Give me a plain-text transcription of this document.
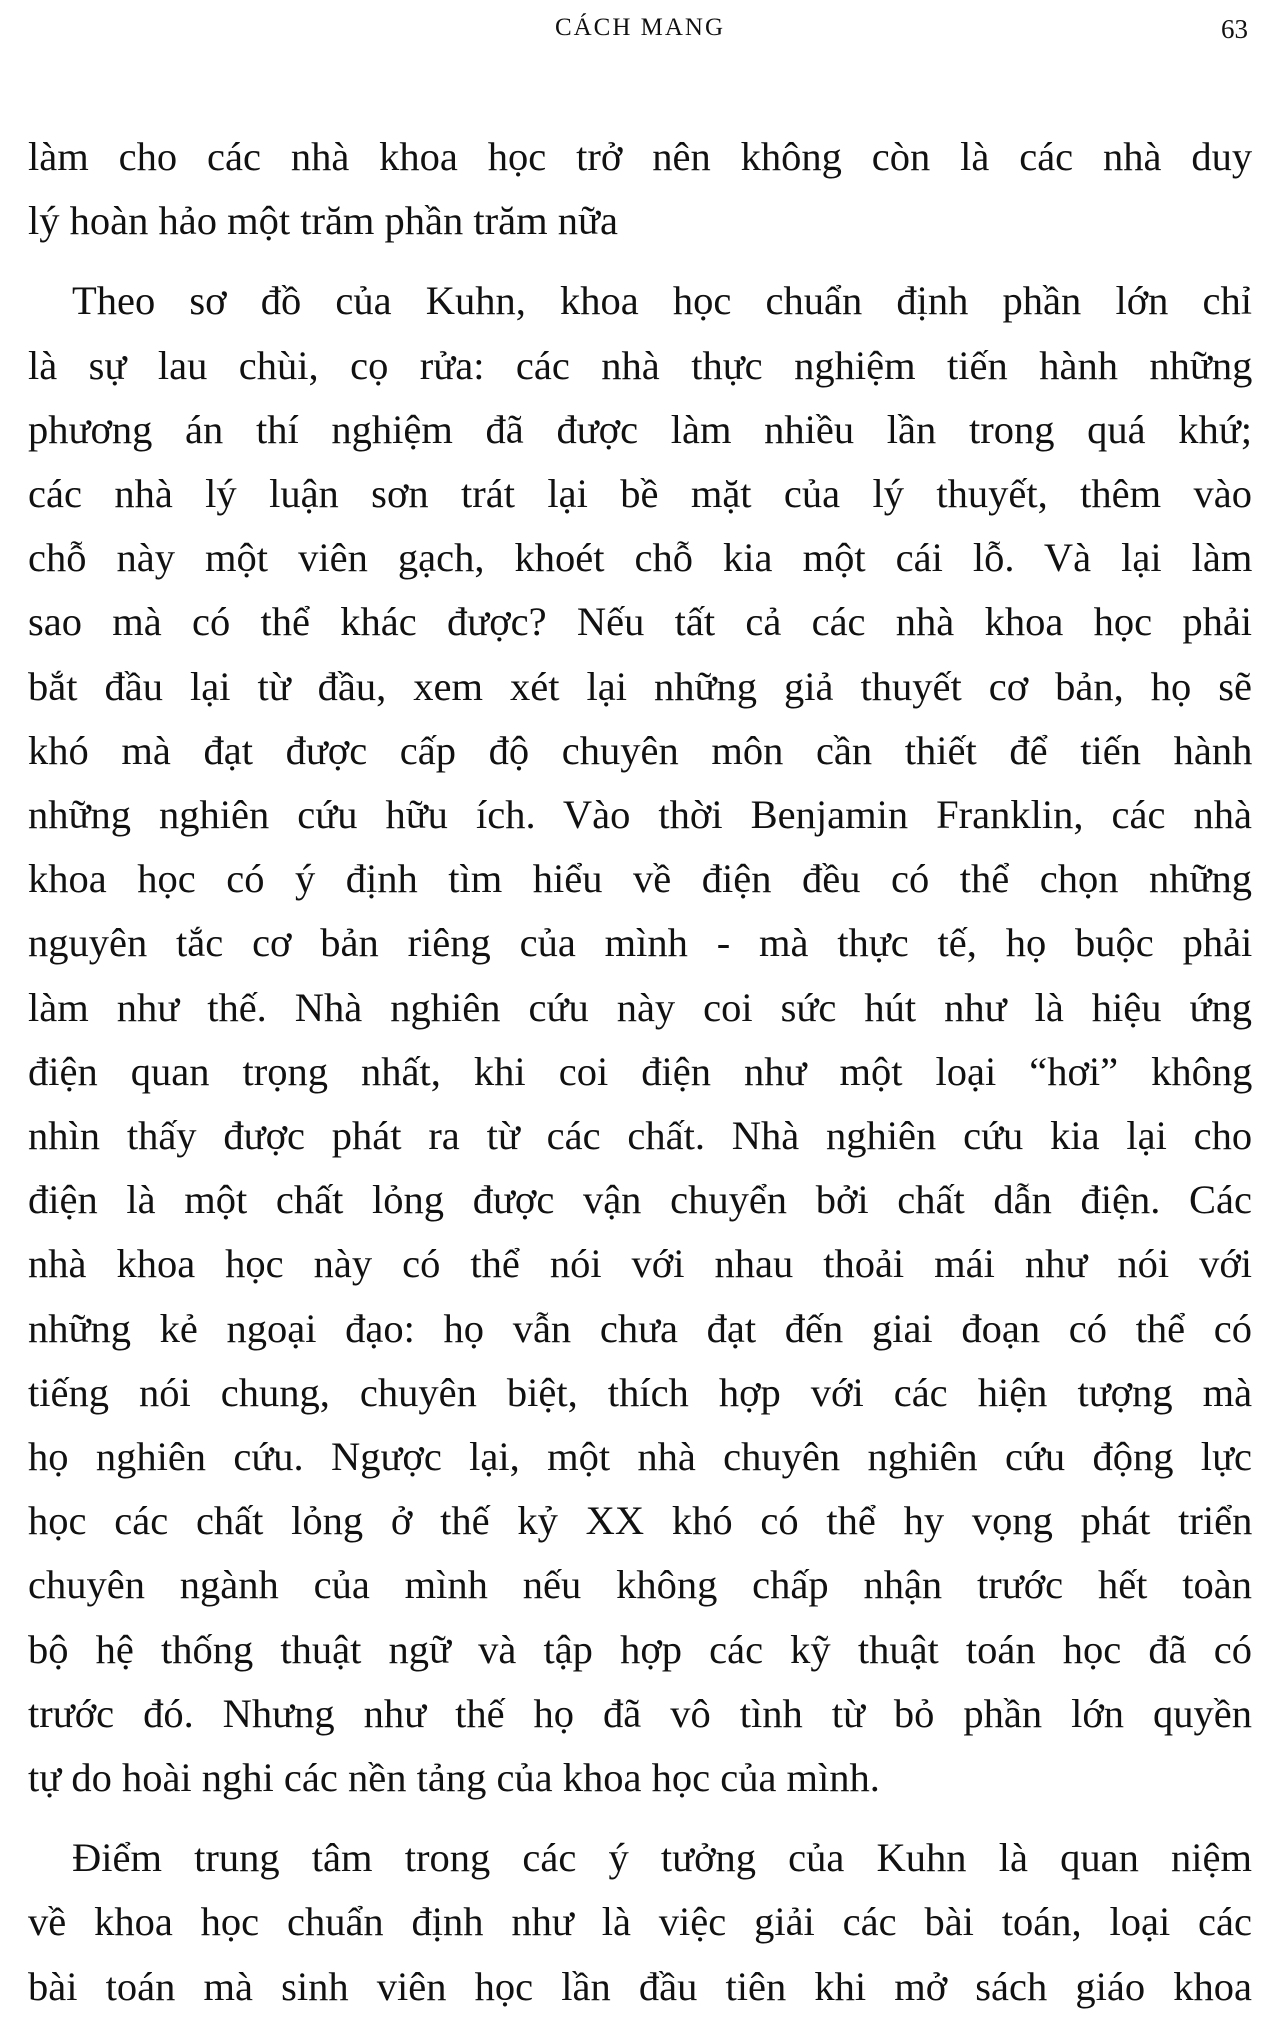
CÁCH MANG	63

làm cho các nhà khoa học trở nên không còn là các nhà duy
lý hoàn hảo một trăm phần trăm nữa

Theo sơ đồ của Kuhn, khoa học chuẩn định phần lớn chỉ
là sự lau chùi, cọ rửa: các nhà thực nghiệm tiến hành những
phương án thí nghiệm đã được làm nhiều lần trong quá khứ;
các nhà lý luận sơn trát lại bề mặt của lý thuyết, thêm vào
chỗ này một viên gạch, khoét chỗ kia một cái lỗ. Và lại làm
sao mà có thể khác được? Nếu tất cả các nhà khoa học phải
bắt đầu lại từ đầu, xem xét lại những giả thuyết cơ bản, họ sẽ
khó mà đạt được cấp độ chuyên môn cần thiết để tiến hành
những nghiên cứu hữu ích. Vào thời Benjamin Franklin, các nhà
khoa học có ý định tìm hiểu về điện đều có thể chọn những
nguyên tắc cơ bản riêng của mình - mà thực tế, họ buộc phải
làm như thế. Nhà nghiên cứu này coi sức hút như là hiệu ứng
điện quan trọng nhất, khi coi điện như một loại “hơi” không
nhìn thấy được phát ra từ các chất. Nhà nghiên cứu kia lại cho
điện là một chất lỏng được vận chuyển bởi chất dẫn điện. Các
nhà khoa học này có thể nói với nhau thoải mái như nói với
những kẻ ngoại đạo: họ vẫn chưa đạt đến giai đoạn có thể có
tiếng nói chung, chuyên biệt, thích hợp với các hiện tượng mà
họ nghiên cứu. Ngược lại, một nhà chuyên nghiên cứu động lực
học các chất lỏng ở thế kỷ XX khó có thể hy vọng phát triển
chuyên ngành của mình nếu không chấp nhận trước hết toàn
bộ hệ thống thuật ngữ và tập hợp các kỹ thuật toán học đã có
trước đó. Nhưng như thế họ đã vô tình từ bỏ phần lớn quyền
tự do hoài nghi các nền tảng của khoa học của mình.

Điểm trung tâm trong các ý tưởng của Kuhn là quan niệm
về khoa học chuẩn định như là việc giải các bài toán, loại các
bài toán mà sinh viên học lần đầu tiên khi mở sách giáo khoa
